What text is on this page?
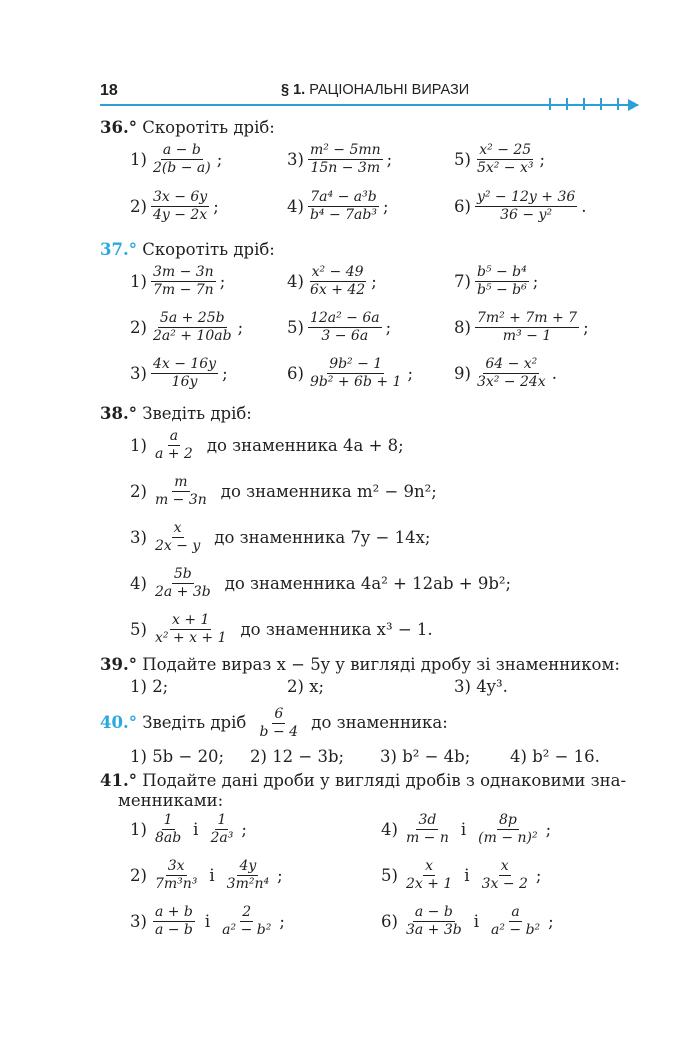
18	§ 1. РАЦІОНАЛЬНІ ВИРАЗИ
36.° Скоротіть дріб:
$1) \frac{a - b}{2(b - a)}$ ;
$2) \frac{3x - 6y}{4y - 2x}$ ;
$3) \frac{\text{m² − 5mn}}{15n - 3m}$ ;
$4) \frac{\text{7a⁴ − a³b}}{\text{b⁴ − 7ab³}}$ ;
$5) \frac{\text{x² − 25}}{\text{5x² − x³}}$ ;
$6) \frac{\text{y² − 12y + 36}}{\text{36 − y²}}$ .
37.° Скоротіть дріб:
$1) \frac{3m - 3n}{7m - 7n}$ ;
$2) \frac{5a + 25b}{\text{2a² + 10ab}}$ ;
$3) \frac{4x - 16y}{16y}$ ;
$4) \frac{\text{x² − 49}}{6x + 42}$ ;
$5) \frac{\text{12a² − 6a}}{3 - 6a}$ ;
$6) \frac{\text{9b² − 1}}{\text{9b² + 6b + 1}}$ ;
$7) \frac{\text{b⁵ − b⁴}}{\text{b⁵ − b⁶}}$ ;
$8) \frac{\text{7m² + 7m + 7}}{\text{m³ − 1}}$ ;
$9) \frac{\text{64 − x²}}{\text{3x² − 24x}}$ .
38.° Зведіть дріб:
$1) \frac{a}{a + 2}$ до знаменника 4a + 8;
$2) \frac{m}{m - 3n}$ до знаменника m² − 9n²;
$3) \frac{x}{2x - y}$ до знаменника 7y − 14x;
$4) \frac{5b}{2a + 3b}$ до знаменника 4a² + 12ab + 9b²;
$5) \frac{x + 1}{\text{x² + x + 1}}$ до знаменника x³ − 1.
39.° Подайте вираз x − 5y у вигляді дробу зі знаменником:
1) 2;	2) x;	3) 4y³.
40.° Зведіть дріб $\frac{6}{b - 4}$ до знаменника:
1) 5b − 20; 2) 12 − 3b; 3) b² − 4b; 4) b² − 16.
41.° Подайте дані дроби у вигляді дробів з однаковими зна-
менниками:
$1) \frac{1}{8ab}$ і $\frac{1}{\text{2a³}}$ ;
$2) \frac{3x}{\text{7m³n³}}$ і $\frac{4y}{\text{3m²n⁴}}$ ;
$3) \frac{a + b}{a - b}$ і $\frac{2}{\text{a² − b²}}$ ;
$4) \frac{3d}{m - n}$ і $\frac{8p}{\text{(m − n)²}}$ ;
$5) \frac{x}{2x + 1}$ і $\frac{x}{3x - 2}$ ;
$6) \frac{a - b}{3a + 3b}$ і $\frac{a}{\text{a² − b²}}$ ;
